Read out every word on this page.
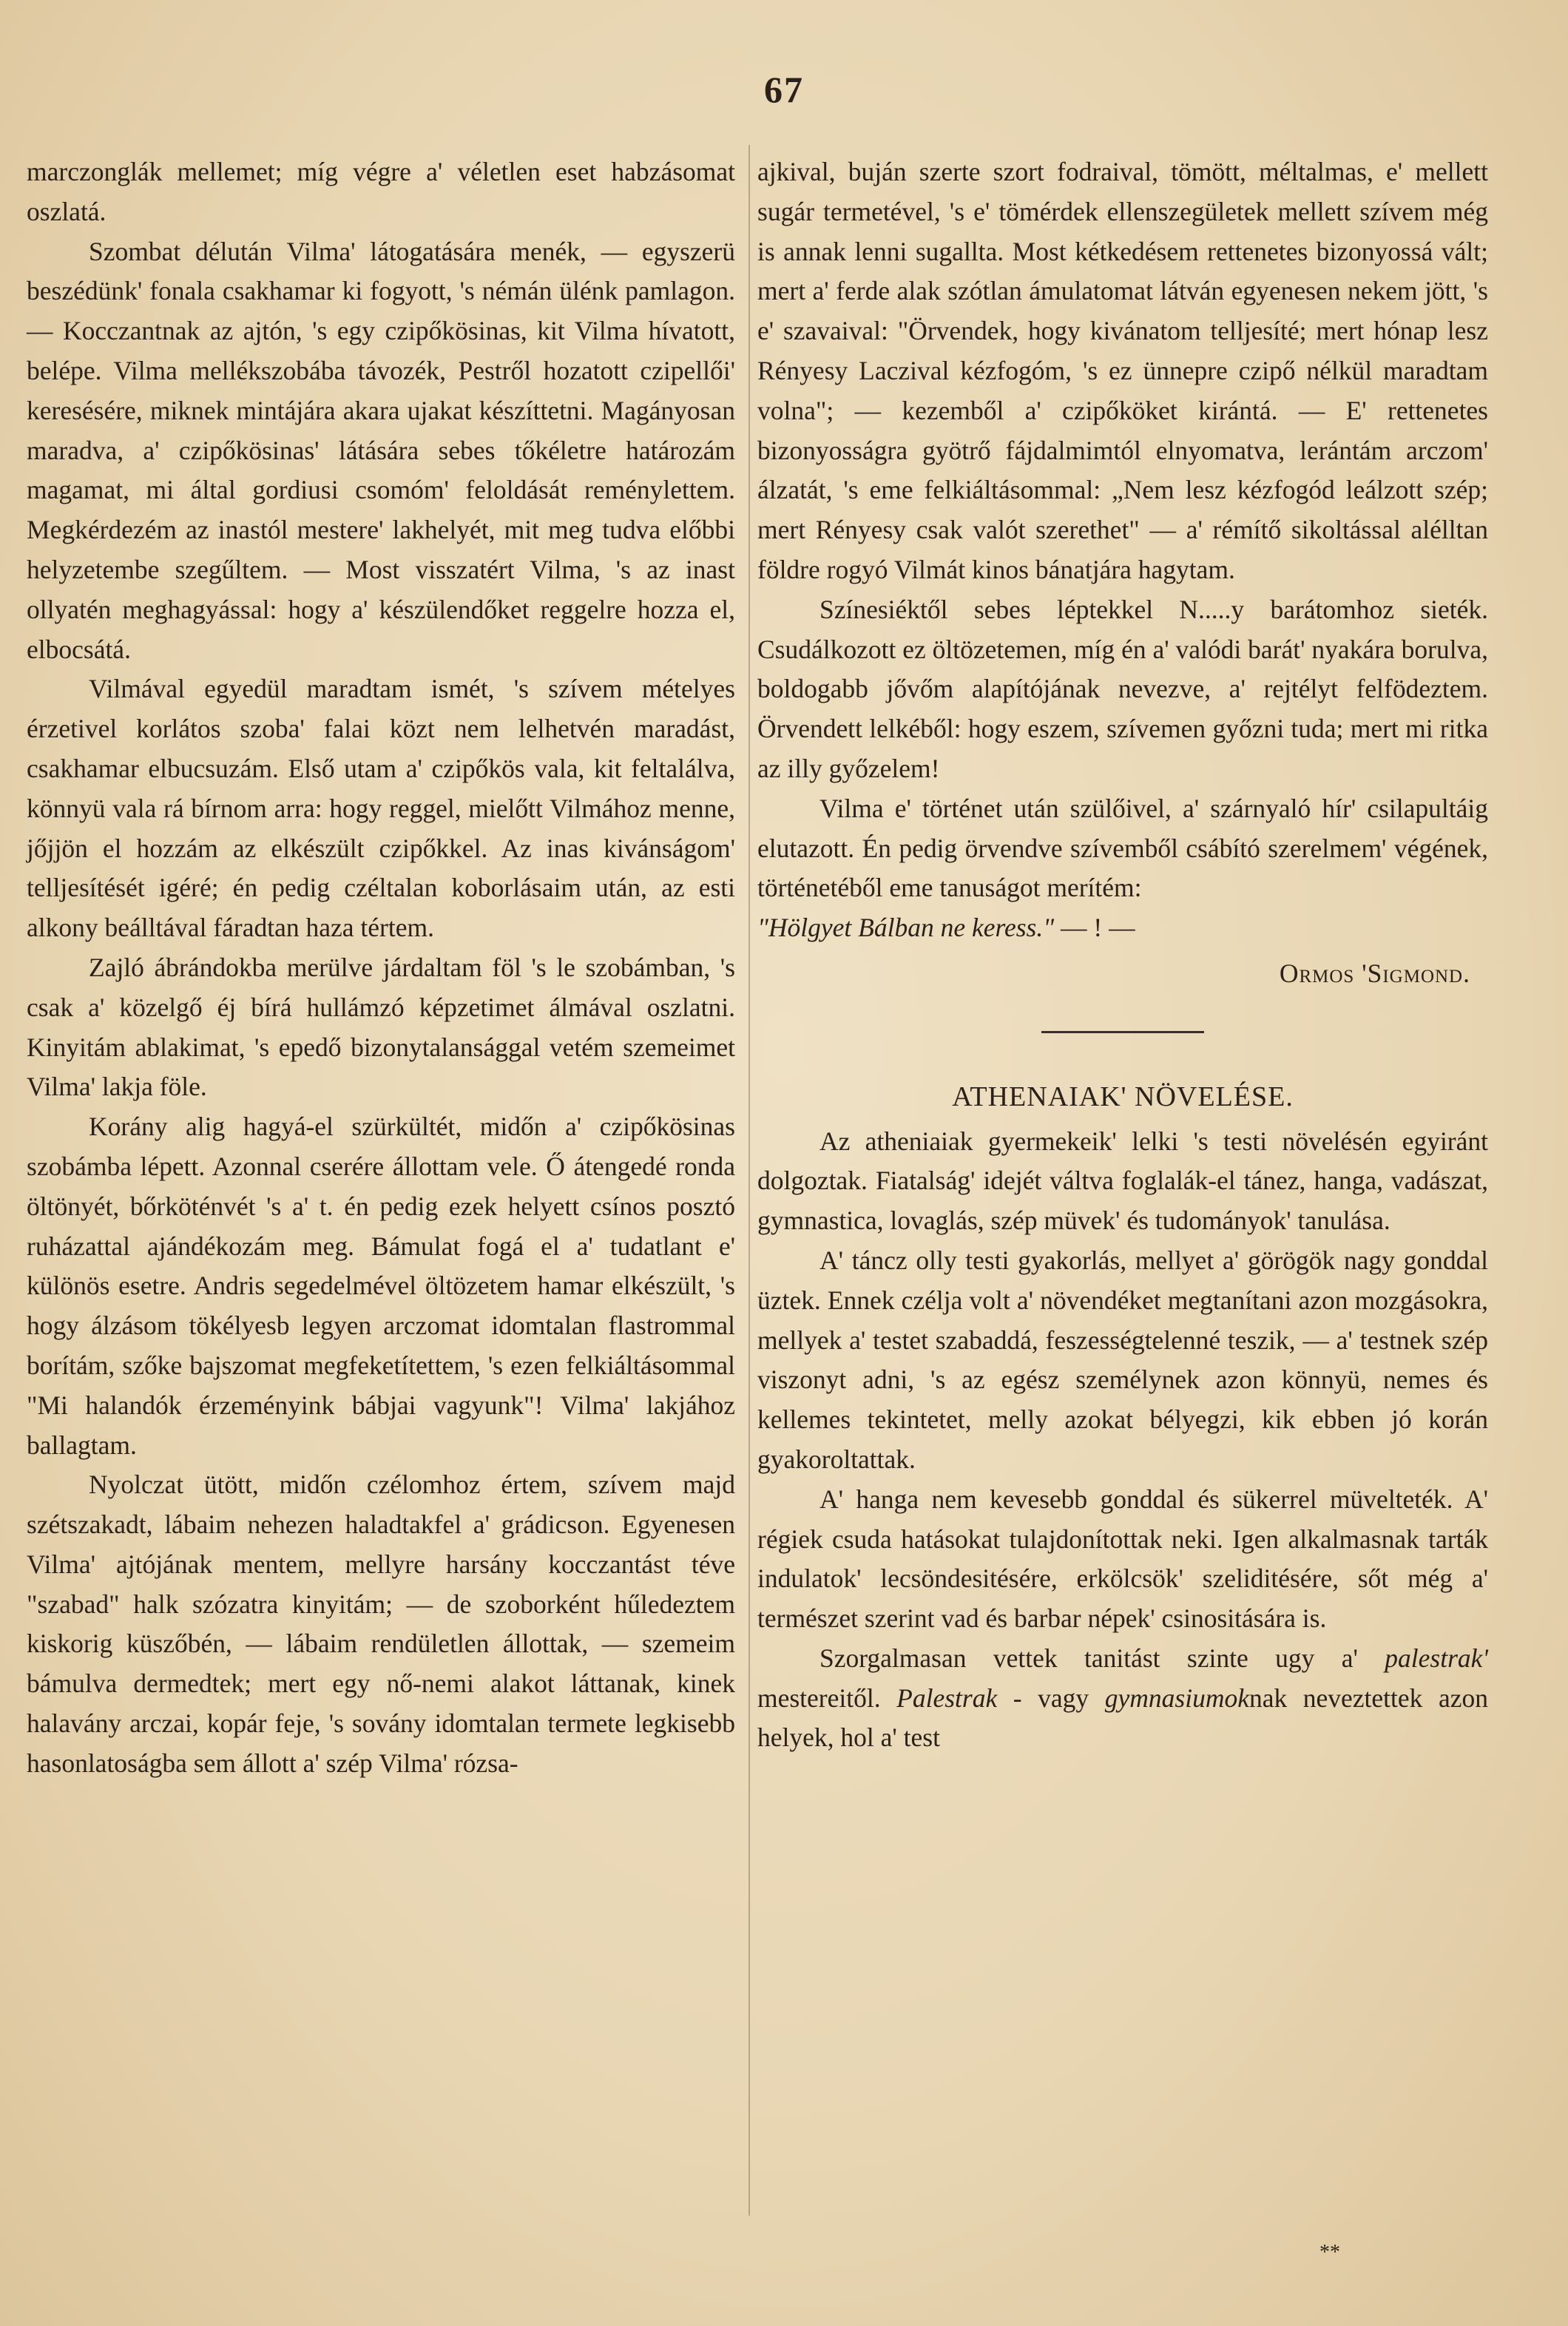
67

marczonglák mellemet; míg végre a' véletlen eset habzásomat oszlatá.

Szombat délután Vilma' látogatására menék, — egyszerü beszédünk' fonala csakhamar ki fogyott, 's némán ülénk pamlagon. — Kocczantnak az ajtón, 's egy czipőkösinas, kit Vilma hívatott, belépe. Vilma mellékszobába távozék, Pestről hozatott czipellői' keresésére, miknek mintájára akara ujakat készíttetni. Magányosan maradva, a' czipőkösinas' látására sebes tőkéletre határozám magamat, mi által gordiusi csomóm' feloldását reménylettem. Megkérdezém az inastól mestere' lakhelyét, mit meg tudva előbbi helyzetembe szegűltem. — Most visszatért Vilma, 's az inast ollyatén meghagyással: hogy a' készülendőket reggelre hozza el, elbocsátá.

Vilmával egyedül maradtam ismét, 's szívem mételyes érzetivel korlátos szoba' falai közt nem lelhetvén maradást, csakhamar elbucsuzám. Első utam a' czipőkös vala, kit feltalálva, könnyü vala rá bírnom arra: hogy reggel, mielőtt Vilmához menne, jőjjön el hozzám az elkészült czipőkkel. Az inas kivánságom' telljesítését igéré; én pedig czéltalan koborlásaim után, az esti alkony beálltával fáradtan haza tértem.

Zajló ábrándokba merülve járdaltam föl 's le szobámban, 's csak a' közelgő éj bírá hullámzó képzetimet álmával oszlatni. Kinyitám ablakimat, 's epedő bizonytalansággal vetém szemeimet Vilma' lakja föle.

Korány alig hagyá-el szürkültét, midőn a' czipőkösinas szobámba lépett. Azonnal cserére állottam vele. Ő átengedé ronda öltönyét, bőrköténvét 's a' t. én pedig ezek helyett csínos posztó ruházattal ajándékozám meg. Bámulat fogá el a' tudatlant e' különös esetre. Andris segedelmével öltözetem hamar elkészült, 's hogy álzásom tökélyesb legyen arczomat idomtalan flastrommal borítám, szőke bajszomat megfeketítettem, 's ezen felkiáltásommal "Mi halandók érzeményink bábjai vagyunk"! Vilma' lakjához ballagtam.

Nyolczat ütött, midőn czélomhoz értem, szívem majd szétszakadt, lábaim nehezen haladtakfel a' grádicson. Egyenesen Vilma' ajtójának mentem, mellyre harsány kocczantást téve "szabad" halk szózatra kinyitám; — de szoborként hűledeztem kiskorig küszőbén, — lábaim rendületlen állottak, — szemeim bámulva dermedtek; mert egy nő-nemi alakot láttanak, kinek halavány arczai, kopár feje, 's sovány idomtalan termete legkisebb hasonlatoságba sem állott a' szép Vilma' rózsa-

ajkival, buján szerte szort fodraival, tömött, méltalmas, e' mellett sugár termetével, 's e' tömérdek ellenszegületek mellett szívem még is annak lenni sugallta. Most kétkedésem rettenetes bizonyossá vált; mert a' ferde alak szótlan ámulatomat látván egyenesen nekem jött, 's e' szavaival: "Örvendek, hogy kivánatom telljesíté; mert hónap lesz Rényesy Laczival kézfogóm, 's ez ünnepre czipő nélkül maradtam volna"; — kezemből a' czipőköket kirántá. — E' rettenetes bizonyosságra gyötrő fájdalmimtól elnyomatva, lerántám arczom' álzatát, 's eme felkiáltásommal: „Nem lesz kézfogód leálzott szép; mert Rényesy csak valót szerethet" — a' rémítő sikoltással alélltan földre rogyó Vilmát kinos bánatjára hagytam.

Színesiéktől sebes léptekkel N.....y barátomhoz sieték. Csudálkozott ez öltözetemen, míg én a' valódi barát' nyakára borulva, boldogabb jővőm alapítójának nevezve, a' rejtélyt felfödeztem. Örvendett lelkéből: hogy eszem, szívemen győzni tuda; mert mi ritka az illy győzelem!

Vilma e' történet után szülőivel, a' szárnyaló hír' csilapultáig elutazott. Én pedig örvendve szívemből csábító szerelmem' végének, történetéből eme tanuságot merítém:

"Hölgyet Bálban ne keress." — ! —

Ormos 'Sigmond.
ATHENAIAK' NÖVELÉSE.

Az atheniaiak gyermekeik' lelki 's testi növelésén egyiránt dolgoztak. Fiatalság' idejét váltva foglalák-el tánez, hanga, vadászat, gymnastica, lovaglás, szép müvek' és tudományok' tanulása.

A' táncz olly testi gyakorlás, mellyet a' görögök nagy gonddal üztek. Ennek czélja volt a' növendéket megtanítani azon mozgásokra, mellyek a' testet szabaddá, feszességtelenné teszik, — a' testnek szép viszonyt adni, 's az egész személynek azon könnyü, nemes és kellemes tekintetet, melly azokat bélyegzi, kik ebben jó korán gyakoroltattak.

A' hanga nem kevesebb gonddal és sükerrel müvelteték. A' régiek csuda hatásokat tulajdonítottak neki. Igen alkalmasnak tarták indulatok' lecsöndesitésére, erkölcsök' szeliditésére, sőt még a' természet szerint vad és barbar népek' csinositására is.

Szorgalmasan vettek tanitást szinte ugy a' palestrak' mestereitől. Palestrak - vagy gymnasiumoknak neveztettek azon helyek, hol a' test

**
